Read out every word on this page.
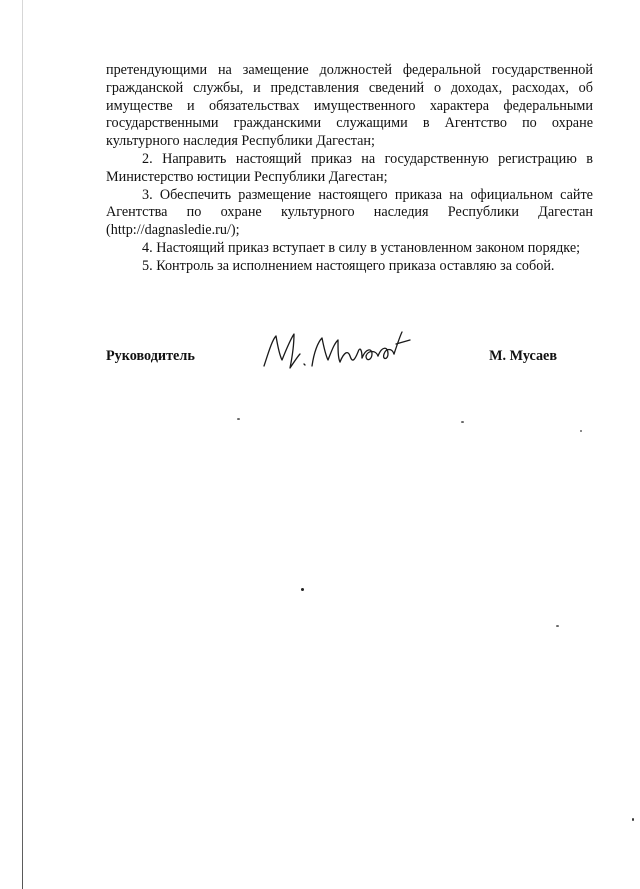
претендующими на замещение должностей федеральной государственной гражданской службы, и представления сведений о доходах, расходах, об имуществе и обязательствах имущественного характера федеральными государственными гражданскими служащими в Агентство по охране культурного наследия Республики Дагестан;

2. Направить настоящий приказ на государственную регистрацию в Министерство юстиции Республики Дагестан;

3. Обеспечить размещение настоящего приказа на официальном сайте Агентства по охране культурного наследия Республики Дагестан (http://dagnasledie.ru/);

4. Настоящий приказ вступает в силу в установленном законом порядке;

5. Контроль за исполнением настоящего приказа оставляю за собой.

Руководитель	М. Мусаев
